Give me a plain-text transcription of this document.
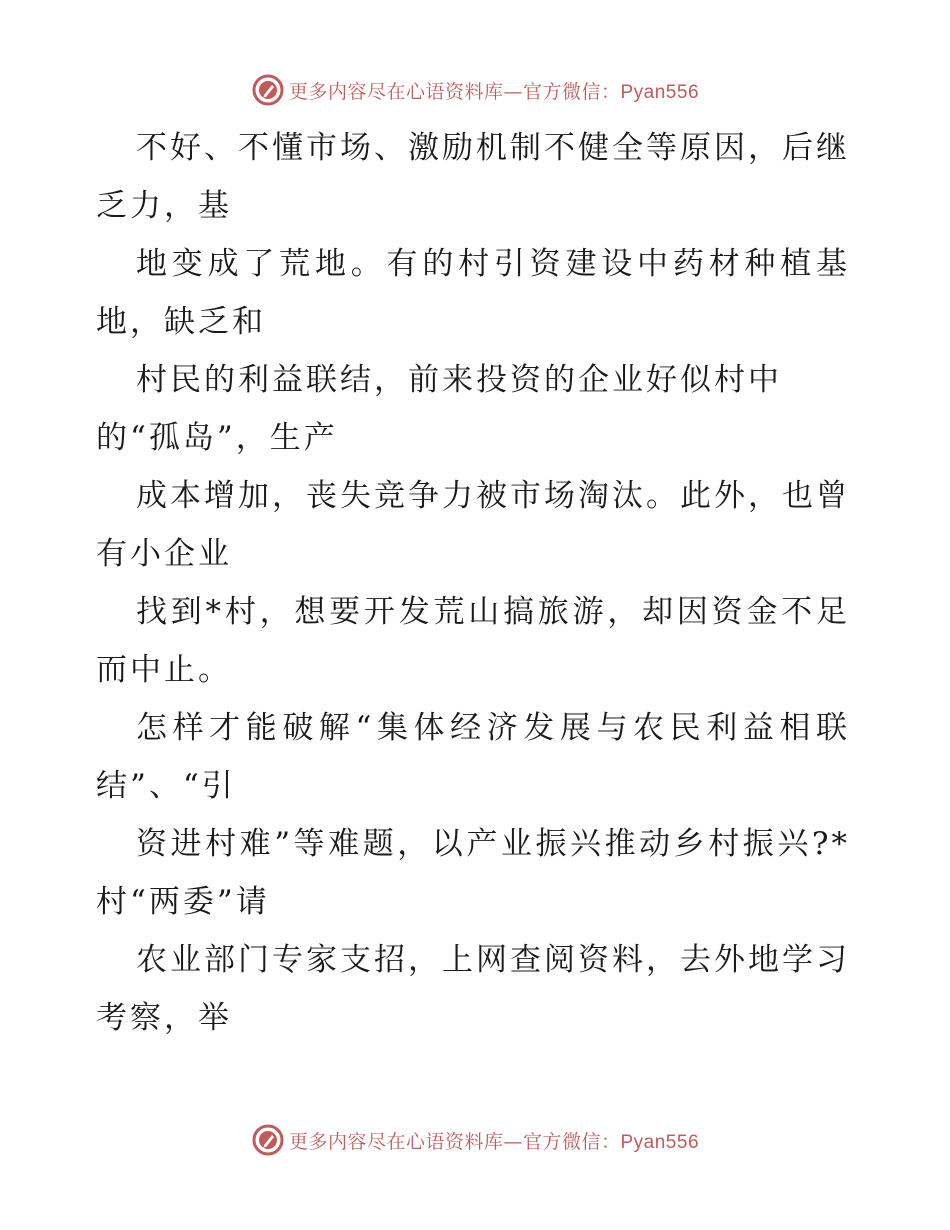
更多内容尽在心语资料库—官方微信：Pyan556

不好、不懂市场、激励机制不健全等原因，后继
乏力，基

地变成了荒地。有的村引资建设中药材种植基
地，缺乏和

村民的利益联结，前来投资的企业好似村中
的“孤岛”，生产

成本增加，丧失竞争力被市场淘汰。此外，也曾
有小企业

找到*村，想要开发荒山搞旅游，却因资金不足
而中止。

怎样才能破解“集体经济发展与农民利益相联
结”、“引

资进村难”等难题，以产业振兴推动乡村振兴?*
村“两委”请

农业部门专家支招，上网查阅资料，去外地学习
考察，举

更多内容尽在心语资料库—官方微信：Pyan556
